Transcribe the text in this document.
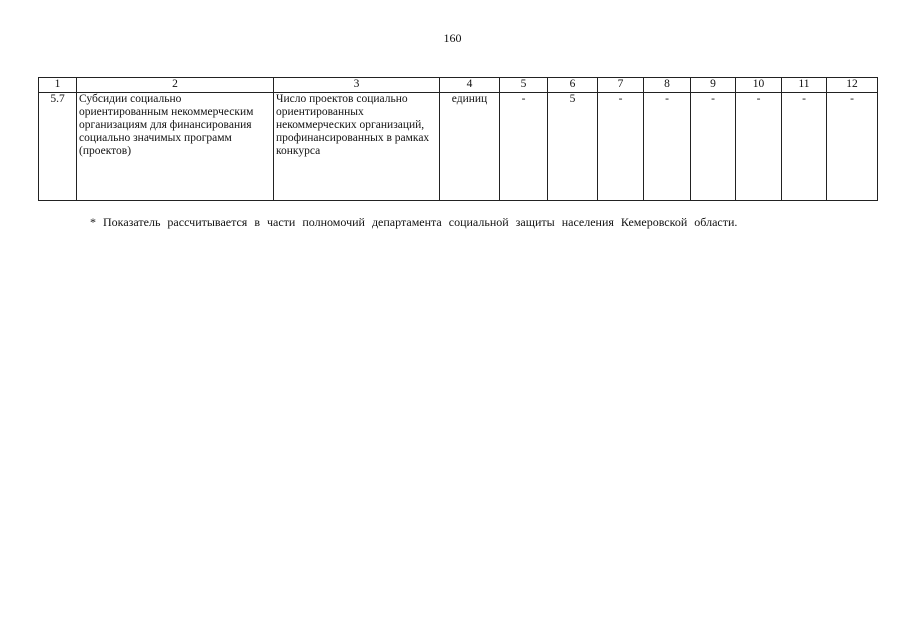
160
1	2	3	4	5	6	7	8	9	10	11	12
5.7	Субсидии социально ориентированным некоммерческим организациям для финансирования социально значимых программ (проектов)	Число проектов социально ориентированных некоммерческих организаций, профинансированных в рамках конкурса	единиц	-	5	-	-	-	-	-	-
* Показатель рассчитывается в части полномочий департамента социальной защиты населения Кемеровской области.
